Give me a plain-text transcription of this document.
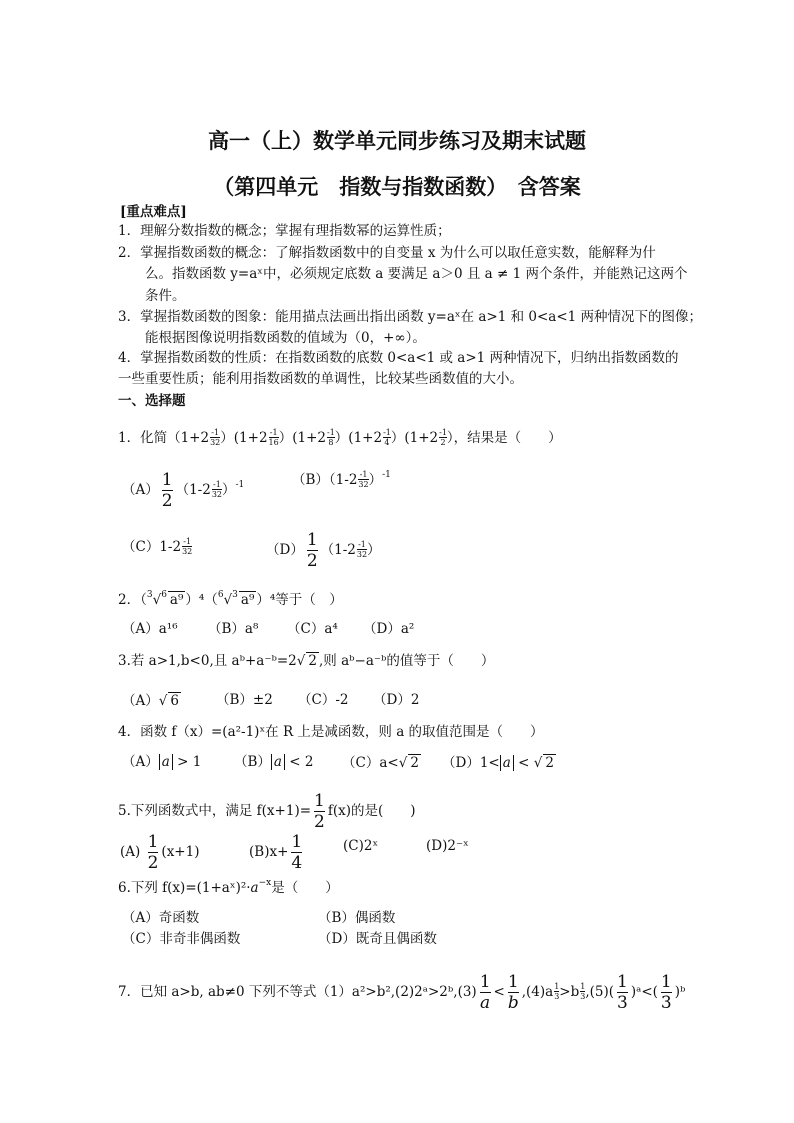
高一（上）数学单元同步练习及期末试题
（第四单元　指数与指数函数）　含答案
[重点难点]
1．理解分数指数的概念；掌握有理指数幂的运算性质；
2．掌握指数函数的概念：了解指数函数中的自变量 x 为什么可以取任意实数，能解释为什
么。指数函数 y=aˣ中，必须规定底数 a 要满足 a＞0 且 a ≠ 1 两个条件，并能熟记这两个
条件。
3．掌握指数函数的图象：能用描点法画出指出函数 y=aˣ在 a>1 和 0<a<1 两种情况下的图像；
能根据图像说明指数函数的值域为（0，+∞）。
4．掌握指数函数的性质：在指数函数的底数 0<a<1 或 a>1 两种情况下，归纳出指数函数的
一些重要性质；能利用指数函数的单调性，比较某些函数值的大小。
一、选择题
1．化简$(1+2 \frac{-1}{32} )(1+2 \frac{-1}{16} )(1+2 \frac{-1}{8} )(1+2 \frac{-1}{4} )(1+2 \frac{-1}{2}$ ），结果是（　　）
$(A) \frac{1}{2} (1-2 \frac{-1}{32} )^{-1}$	$(B)(1-2 \frac{-1}{32} )^{-1}$
$(C)1-2 \frac{-1}{32}$	$(D) \frac{1}{2} (1-2 \frac{-1}{32}$ ）
2．（$^3$√$^6$ a⁹ ）⁴（$^6$√$^3$ a⁹ ）⁴等于（　）
（A）a¹⁶ （B）a⁸ （C）a⁴ （D）a²
3.若 a>1,b<0,且 aᵇ+a⁻ᵇ=2√ 2 ,则 aᵇ−a⁻ᵇ的值等于（　　）
（A）√ 6	（B）±2 （C）-2 （D）2
4．函数 f（x）=(a²-1)ˣ在 R 上是减函数，则 a 的取值范围是（　　）
（A） a > 1 （B） a < 2 （C）a<√ 2 （D）1< a < √ 2
5.下列函数式中，满足 $f(x+1)= \frac{1}{2} f(x)$的是(　　)
$(A) \frac{1}{2} (x+1)$	$(B)x+ \frac{1}{4}$	(C)2ˣ	(D)2⁻ˣ
6.下列 $f(x)=(1+aˣ)^2\cdot a^{-x}$是（　　）
（A）奇函数	（B）偶函数
（C）非奇非偶函数	（D）既奇且偶函数
7．已知 a>b, ab≠0 下列不等式（1）a²>b²,(2)2ᵃ>2ᵇ,(3) $\frac{1}{a} < \frac{1}{b} ,(4)a \frac{1}{3} >b \frac{1}{3} ,(5)( \frac{1}{3}$ )ᵃ<( $\frac{1}{3}$ )ᵇ
